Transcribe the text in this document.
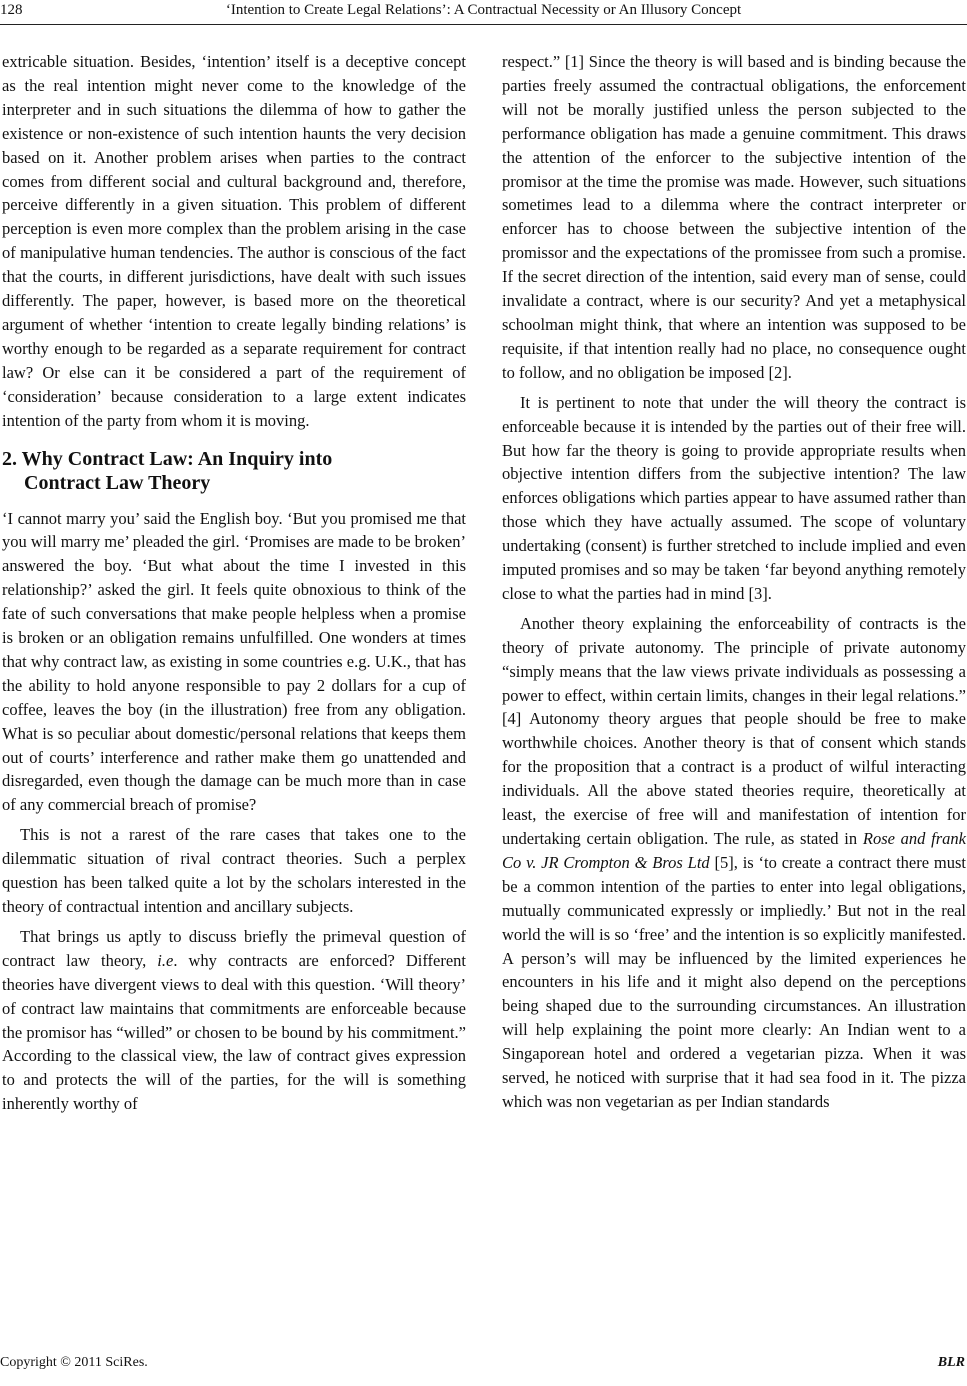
128	‘Intention to Create Legal Relations’: A Contractual Necessity or An Illusory Concept

extricable situation. Besides, ‘intention’ itself is a deceptive concept as the real intention might never come to the knowledge of the interpreter and in such situations the dilemma of how to gather the existence or non-existence of such intention haunts the very decision based on it. Another problem arises when parties to the contract comes from different social and cultural background and, therefore, perceive differently in a given situation. This problem of different perception is even more complex than the problem arising in the case of manipulative human tendencies. The author is conscious of the fact that the courts, in different jurisdictions, have dealt with such issues differently. The paper, however, is based more on the theoretical argument of whether ‘intention to create legally binding relations’ is worthy enough to be regarded as a separate requirement for contract law? Or else can it be considered a part of the requirement of ‘consideration’ because consideration to a large extent indicates intention of the party from whom it is moving.

2. Why Contract Law: An Inquiry into
Contract Law Theory

‘I cannot marry you’ said the English boy. ‘But you promised me that you will marry me’ pleaded the girl. ‘Promises are made to be broken’ answered the boy. ‘But what about the time I invested in this relationship?’ asked the girl. It feels quite obnoxious to think of the fate of such conversations that make people helpless when a promise is broken or an obligation remains unfulfilled. One wonders at times that why contract law, as existing in some countries e.g. U.K., that has the ability to hold anyone responsible to pay 2 dollars for a cup of coffee, leaves the boy (in the illustration) free from any obligation. What is so peculiar about domestic/personal relations that keeps them out of courts’ interference and rather make them go unattended and disregarded, even though the damage can be much more than in case of any commercial breach of promise?

This is not a rarest of the rare cases that takes one to the dilemmatic situation of rival contract theories. Such a perplex question has been talked quite a lot by the scholars interested in the theory of contractual intention and ancillary subjects.

That brings us aptly to discuss briefly the primeval question of contract law theory, i.e. why contracts are enforced? Different theories have divergent views to deal with this question. ‘Will theory’ of contract law maintains that commitments are enforceable because the promisor has “willed” or chosen to be bound by his commitment.” According to the classical view, the law of contract gives expression to and protects the will of the parties, for the will is something inherently worthy of

respect.” [1] Since the theory is will based and is binding because the parties freely assumed the contractual obligations, the enforcement will not be morally justified unless the person subjected to the performance obligation has made a genuine commitment. This draws the attention of the enforcer to the subjective intention of the promisor at the time the promise was made. However, such situations sometimes lead to a dilemma where the contract interpreter or enforcer has to choose between the subjective intention of the promissor and the expectations of the promissee from such a promise. If the secret direction of the intention, said every man of sense, could invalidate a contract, where is our security? And yet a metaphysical schoolman might think, that where an intention was supposed to be requisite, if that intention really had no place, no consequence ought to follow, and no obligation be imposed [2].

It is pertinent to note that under the will theory the contract is enforceable because it is intended by the parties out of their free will. But how far the theory is going to provide appropriate results when objective intention differs from the subjective intention? The law enforces obligations which parties appear to have assumed rather than those which they have actually assumed. The scope of voluntary undertaking (consent) is further stretched to include implied and even imputed promises and so may be taken ‘far beyond anything remotely close to what the parties had in mind [3].

Another theory explaining the enforceability of contracts is the theory of private autonomy. The principle of private autonomy “simply means that the law views private individuals as possessing a power to effect, within certain limits, changes in their legal relations.” [4] Autonomy theory argues that people should be free to make worthwhile choices. Another theory is that of consent which stands for the proposition that a contract is a product of wilful interacting individuals. All the above stated theories require, theoretically at least, the exercise of free will and manifestation of intention for undertaking certain obligation. The rule, as stated in Rose and frank Co v. JR Crompton & Bros Ltd [5], is ‘to create a contract there must be a common intention of the parties to enter into legal obligations, mutually communicated expressly or impliedly.’ But not in the real world the will is so ‘free’ and the intention is so explicitly manifested. A person’s will may be influenced by the limited experiences he encounters in his life and it might also depend on the perceptions being shaped due to the surrounding circumstances. An illustration will help explaining the point more clearly: An Indian went to a Singaporean hotel and ordered a vegetarian pizza. When it was served, he noticed with surprise that it had sea food in it. The pizza which was non vegetarian as per Indian standards

Copyright © 2011 SciRes.	BLR
